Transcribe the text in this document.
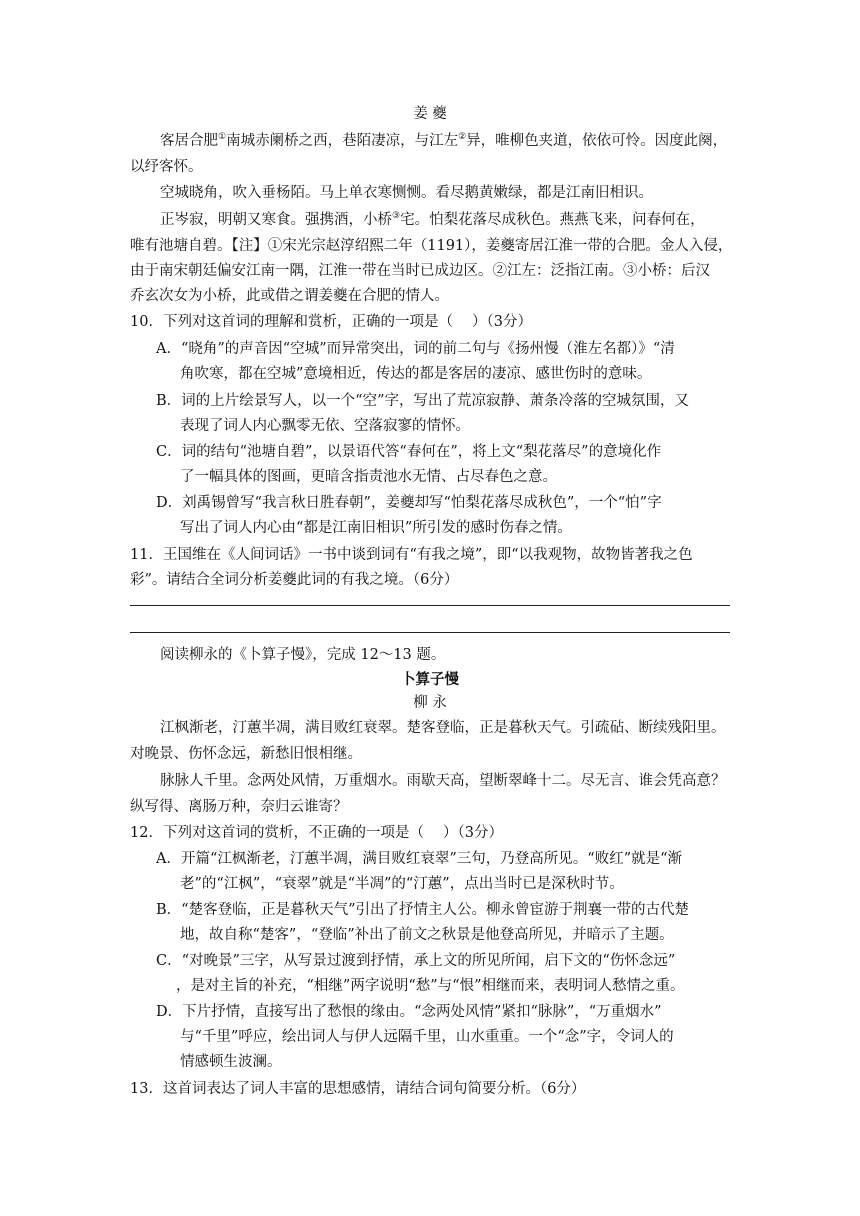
姜 夔
客居合肥①南城赤阑桥之西，巷陌凄凉，与江左②异，唯柳色夹道，依依可怜。因度此阕，
以纾客怀。
空城晓角，吹入垂杨陌。马上单衣寒恻恻。看尽鹅黄嫩绿，都是江南旧相识。
正岑寂，明朝又寒食。强携酒，小桥③宅。怕梨花落尽成秋色。燕燕飞来，问春何在，
唯有池塘自碧。【注】①宋光宗赵淳绍熙二年（1191），姜夔寄居江淮一带的合肥。金人入侵，
由于南宋朝廷偏安江南一隅，江淮一带在当时已成边区。②江左：泛指江南。③小桥：后汉
乔玄次女为小桥，此或借之谓姜夔在合肥的情人。
10．下列对这首词的理解和赏析，正确的一项是（　 ）（3分）
A．“晓角”的声音因“空城”而异常突出，词的前二句与《扬州慢（淮左名都）》“清
角吹寒，都在空城”意境相近，传达的都是客居的凄凉、感世伤时的意味。
B．词的上片绘景写人，以一个“空”字，写出了荒凉寂静、萧条冷落的空城氛围，又
表现了词人内心飘零无依、空落寂寥的情怀。
C．词的结句“池塘自碧”，以景语代答“春何在”，将上文“梨花落尽”的意境化作
了一幅具体的图画，更暗含指责池水无情、占尽春色之意。
D．刘禹锡曾写“我言秋日胜春朝”，姜夔却写“怕梨花落尽成秋色”，一个“怕”字
写出了词人内心由“都是江南旧相识”所引发的感时伤春之情。
11．王国维在《人间词话》一书中谈到词有“有我之境”，即“以我观物，故物皆著我之色
彩”。请结合全词分析姜夔此词的有我之境。（6分）
阅读柳永的《卜算子慢》，完成 12～13 题。
卜算子慢
柳 永
江枫渐老，汀蕙半凋，满目败红衰翠。楚客登临，正是暮秋天气。引疏砧、断续残阳里。
对晚景、伤怀念远，新愁旧恨相继。
脉脉人千里。念两处风情，万重烟水。雨歇天高，望断翠峰十二。尽无言、谁会凭高意？
纵写得、离肠万种，奈归云谁寄？
12．下列对这首词的赏析，不正确的一项是（　 ）（3分）
A．开篇“江枫渐老，汀蕙半凋，满目败红衰翠”三句，乃登高所见。“败红”就是“渐
老”的“江枫”，“衰翠”就是“半凋”的“汀蕙”，点出当时已是深秋时节。
B．“楚客登临，正是暮秋天气”引出了抒情主人公。柳永曾宦游于荆襄一带的古代楚
地，故自称“楚客”，“登临”补出了前文之秋景是他登高所见，并暗示了主题。
C．“对晚景”三字，从写景过渡到抒情，承上文的所见所闻，启下文的“伤怀念远”
，是对主旨的补充，“相继”两字说明“愁”与“恨”相继而来，表明词人愁情之重。
D．下片抒情，直接写出了愁恨的缘由。“念两处风情”紧扣“脉脉”，“万重烟水”
与“千里”呼应，绘出词人与伊人远隔千里，山水重重。一个“念”字，令词人的
情感顿生波澜。
13．这首词表达了词人丰富的思想感情，请结合词句简要分析。（6分）
